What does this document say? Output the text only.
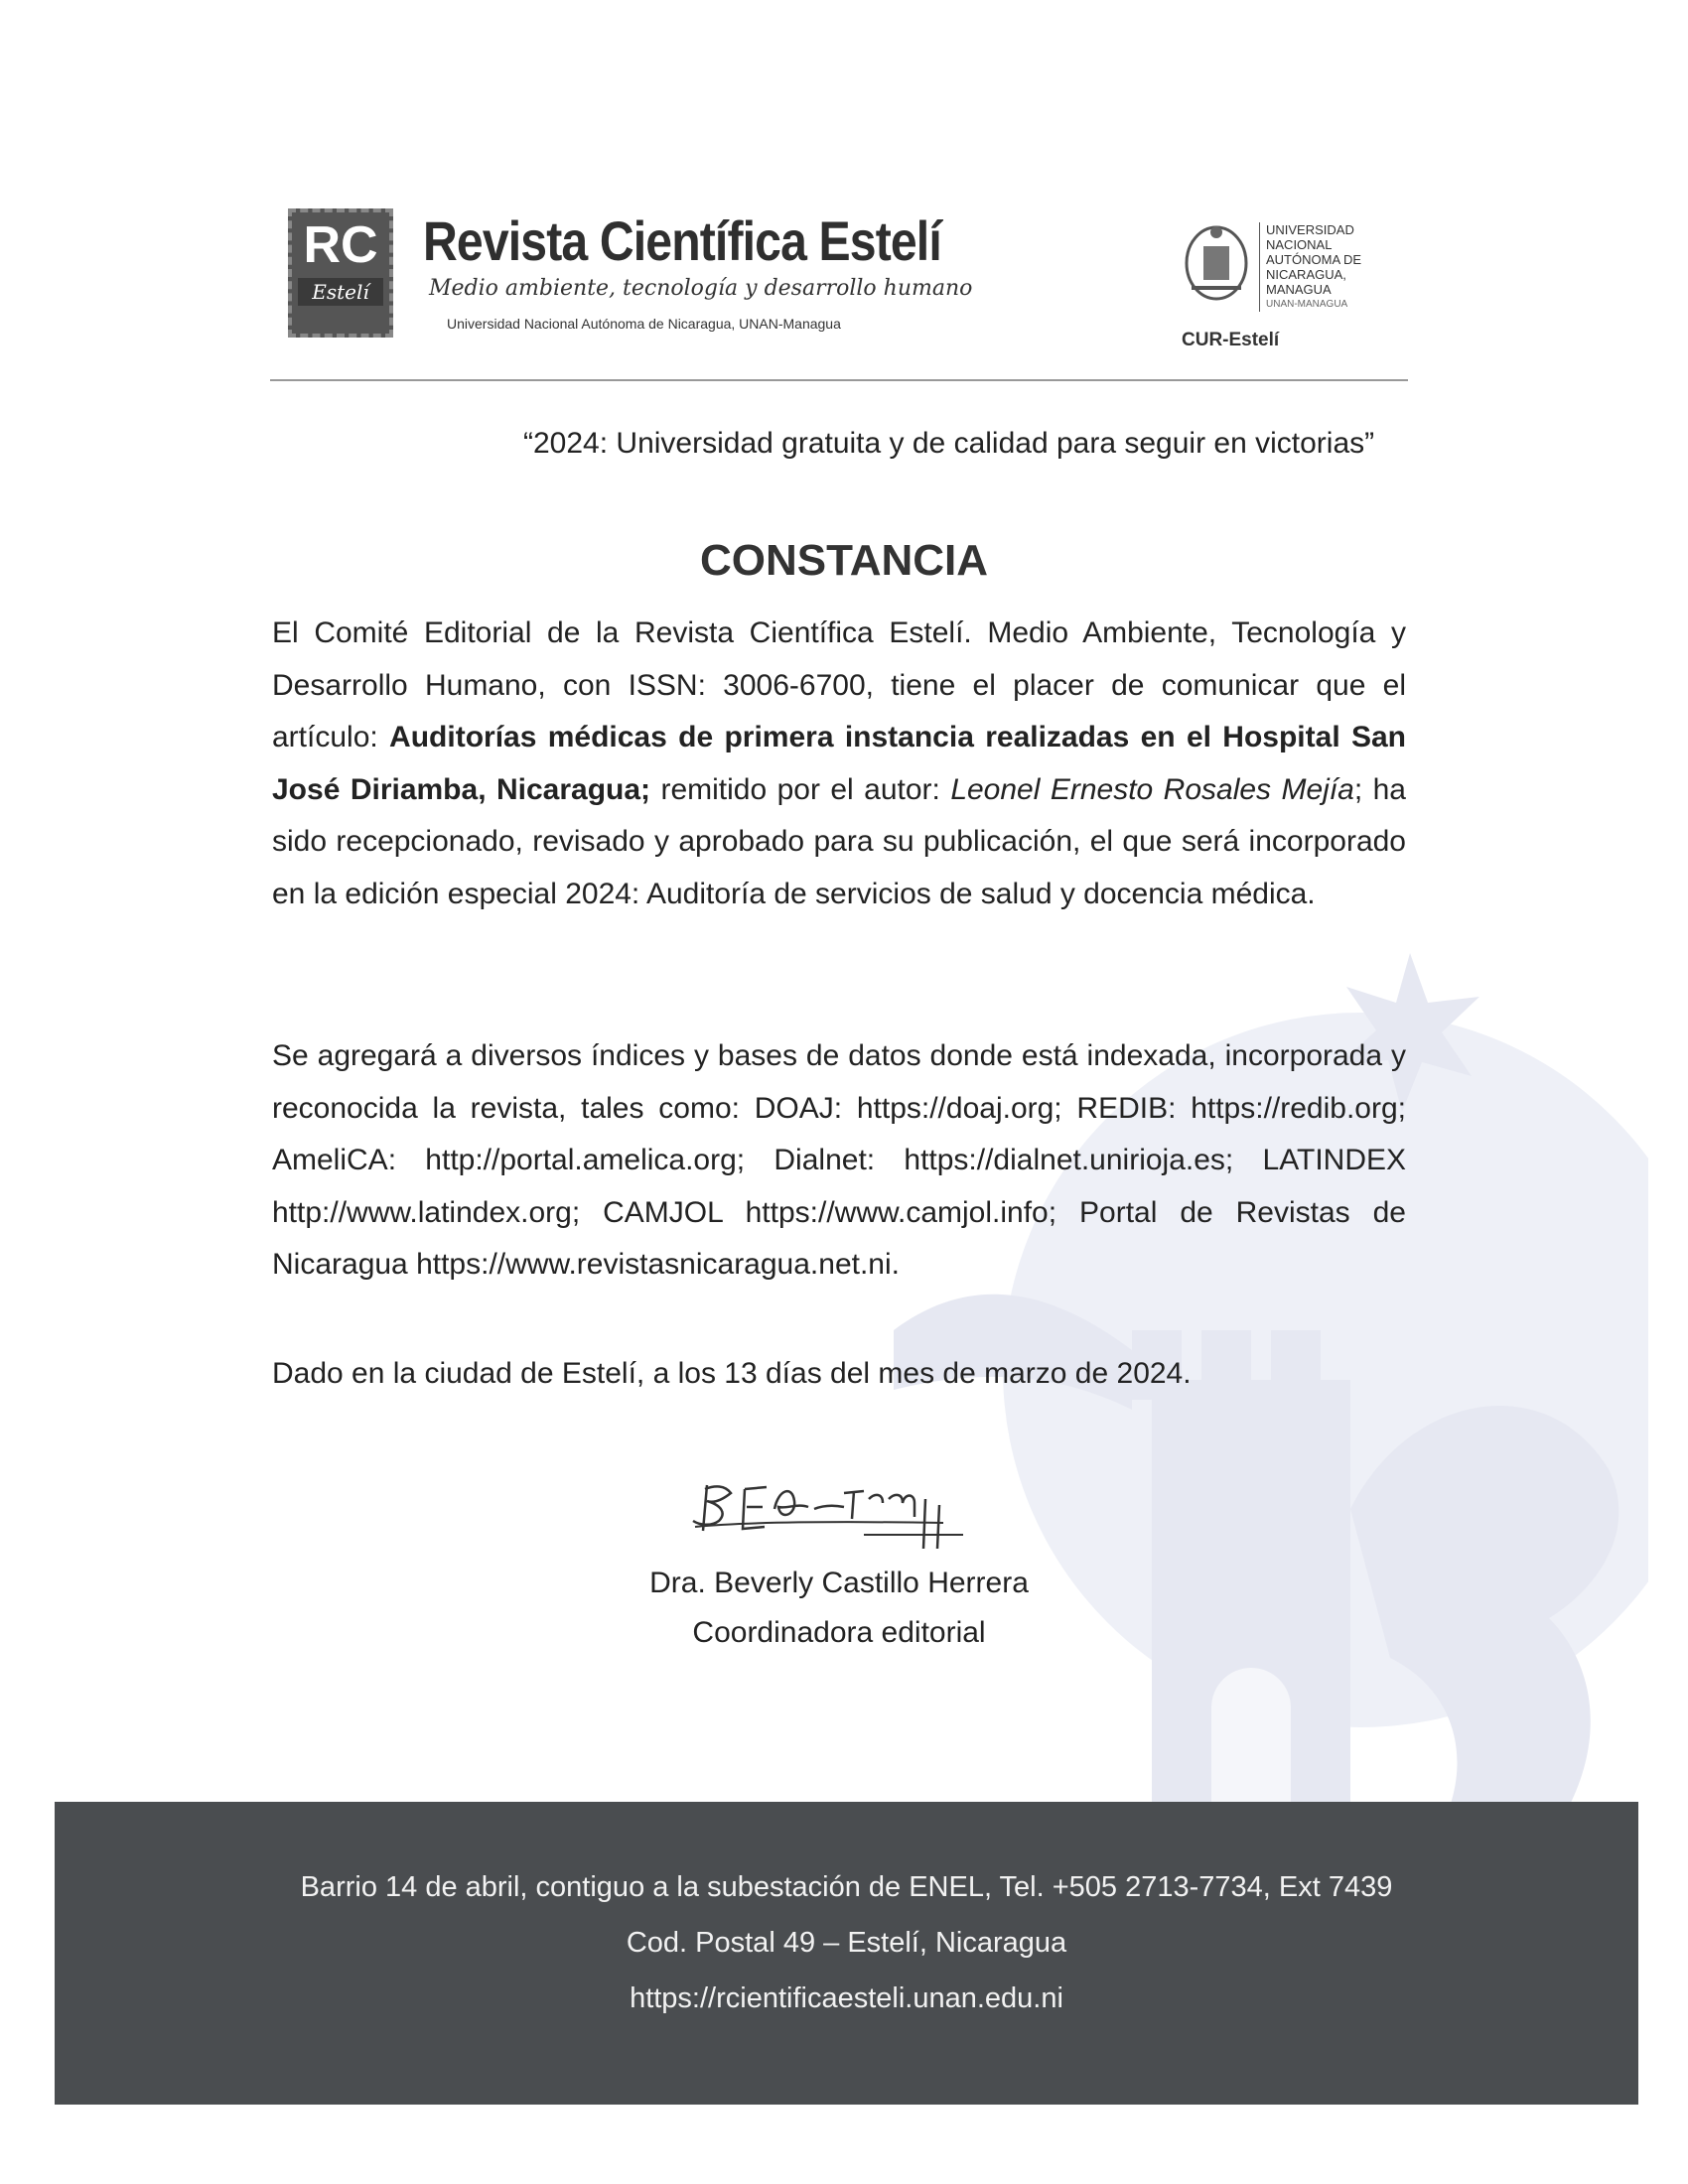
RC
Estelí
Revista Científica Estelí
Medio ambiente, tecnología y desarrollo humano
Universidad Nacional Autónoma de Nicaragua, UNAN-Managua
UNIVERSIDAD
NACIONAL
AUTÓNOMA DE
NICARAGUA,
MANAGUA
UNAN-MANAGUA
CUR-Estelí
“2024: Universidad gratuita y de calidad para seguir en victorias”
CONSTANCIA
El Comité Editorial de la Revista Científica Estelí. Medio Ambiente, Tecnología y Desarrollo Humano, con ISSN: 3006-6700, tiene el placer de comunicar que el artículo: Auditorías médicas de primera instancia realizadas en el Hospital San José Diriamba, Nicaragua; remitido por el autor: Leonel Ernesto Rosales Mejía; ha sido recepcionado, revisado y aprobado para su publicación, el que será incorporado en la edición especial 2024: Auditoría de servicios de salud y docencia médica.
Se agregará a diversos índices y bases de datos donde está indexada, incorporada y reconocida la revista, tales como: DOAJ: https://doaj.org; REDIB: https://redib.org; AmeliCA: http://portal.amelica.org; Dialnet: https://dialnet.unirioja.es; LATINDEX http://www.latindex.org; CAMJOL https://www.camjol.info; Portal de Revistas de Nicaragua https://www.revistasnicaragua.net.ni.
Dado en la ciudad de Estelí, a los 13 días del mes de marzo de 2024.
Dra. Beverly Castillo Herrera
Coordinadora editorial
Barrio 14 de abril, contiguo a la subestación de ENEL, Tel. +505 2713-7734, Ext 7439
Cod. Postal 49 – Estelí, Nicaragua
https://rcientificaesteli.unan.edu.ni
